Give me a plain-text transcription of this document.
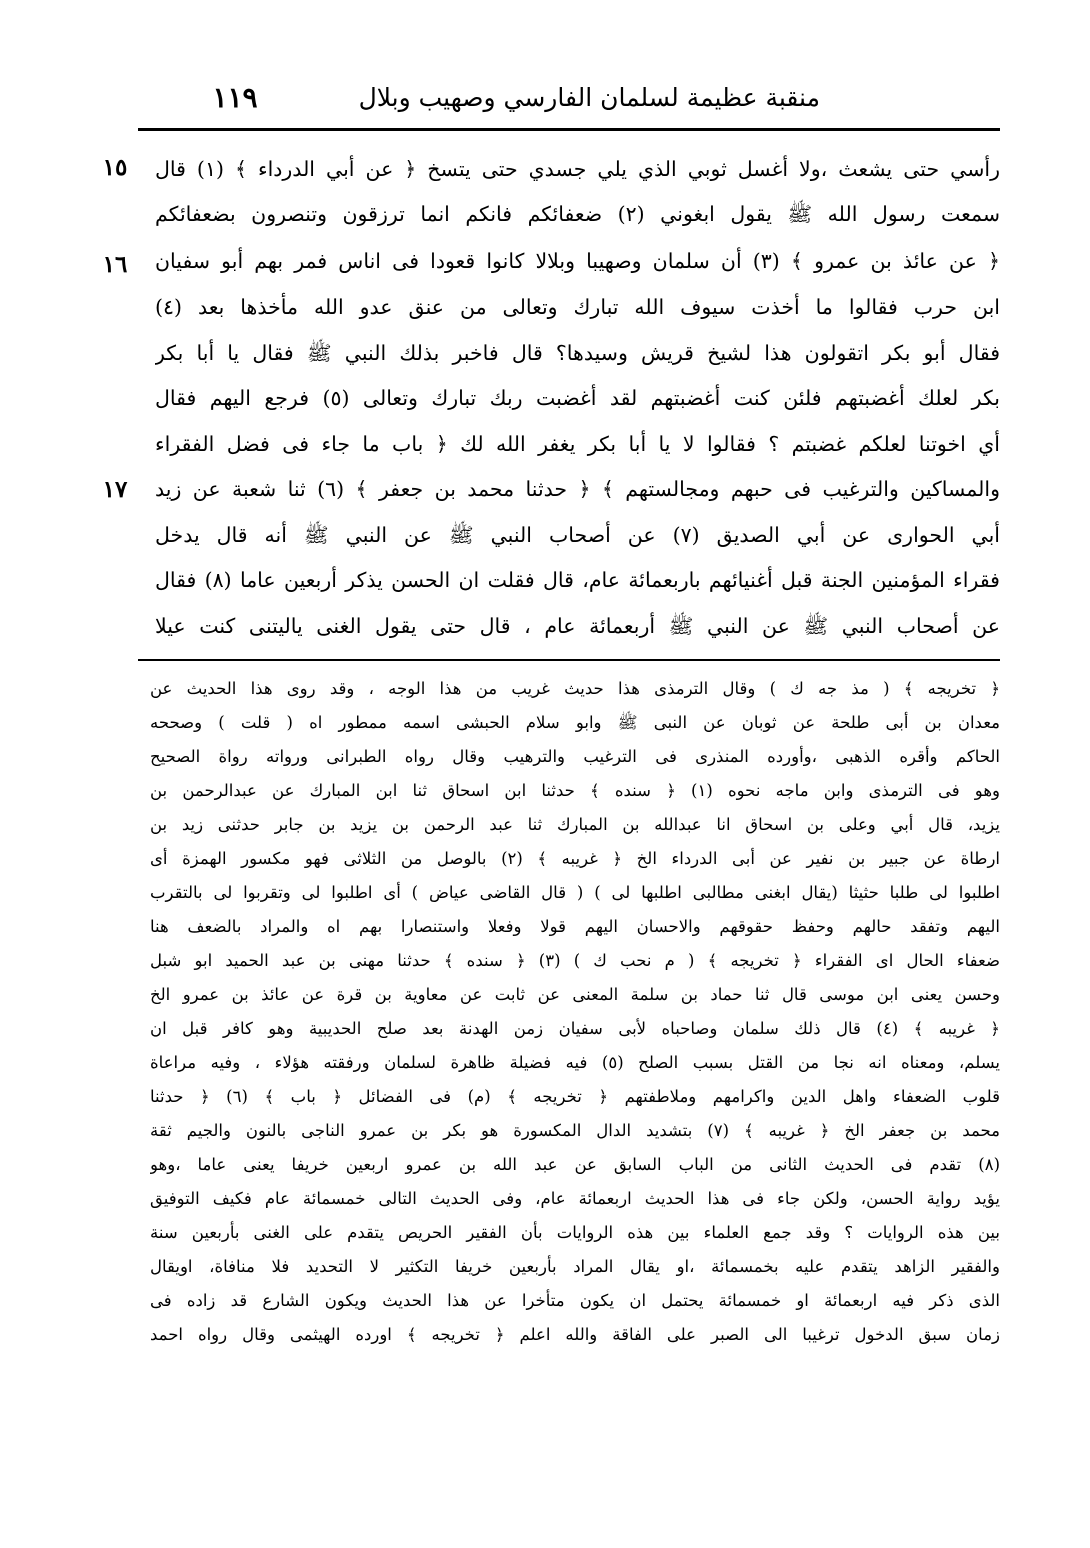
منقبة عظيمة لسلمان الفارسي وصهيب وبلال
١١٩
١٥
١٦
١٧
رأسي حتى يشعث ،ولا أغسل ثوبي الذي يلي جسدي حتى يتسخ ﴿ عن أبي الدرداء ﴾ (١) قال
سمعت رسول الله ﷺ يقول ابغوني (٢) ضعفائكم فانكم انما ترزقون وتنصرون بضعفائكم
﴿ عن عائذ بن عمرو ﴾ (٣) أن سلمان وصهيبا وبلالا كانوا قعودا فى اناس فمر بهم أبو سفيان
ابن حرب فقالوا ما أخذت سيوف الله تبارك وتعالى من عنق عدو الله مأخذها بعد (٤)
فقال أبو بكر اتقولون هذا لشيخ قريش وسيدها؟ قال فاخبر بذلك النبي ﷺ فقال يا أبا بكر
بكر لعلك أغضبتهم فلئن كنت أغضبتهم لقد أغضبت ربك تبارك وتعالى (٥) فرجع اليهم فقال
أي اخوتنا لعلكم غضبتم ؟ فقالوا لا يا أبا بكر يغفر الله لك ﴿ باب ما جاء فى فضل الفقراء
والمساكين والترغيب فى حبهم ومجالستهم ﴾ ﴿ حدثنا محمد بن جعفر ﴾ (٦) ثنا شعبة عن زيد
أبي الحوارى عن أبي الصديق (٧) عن أصحاب النبي ﷺ عن النبي ﷺ أنه قال يدخل
فقراء المؤمنين الجنة قبل أغنيائهم باربعمائة عام، قال فقلت ان الحسن يذكر أربعين عاما (٨) فقال
عن أصحاب النبي ﷺ عن النبي ﷺ أربعمائة عام ، قال حتى يقول الغنى ياليتنى كنت عيلا
﴿ تخريجه ﴾ ( مذ جه ك ) وقال الترمذى هذا حديث غريب من هذا الوجه ، وقد روى هذا الحديث عن
معدان بن أبى طلحة عن ثوبان عن النبى ﷺ وابو سلام الحبشى اسمه ممطور اه ( قلت ) وصححه
الحاكم وأقره الذهبى ،وأورده المنذرى فى الترغيب والترهيب وقال رواه الطبرانى ورواته رواة الصحيح
وهو فى الترمذى وابن ماجه نحوه (١) ﴿ سنده ﴾ حدثنا ابن اسحاق ثنا ابن المبارك عن عبدالرحمن بن
يزيد، قال أبي وعلى بن اسحاق انا عبدالله بن المبارك ثنا عبد الرحمن بن يزيد بن جابر حدثنى زيد بن
ارطاة عن جبير بن نفير عن أبى الدرداء الخ ﴿ غريبه ﴾ (٢) بالوصل من الثلاثى فهو مكسور الهمزة أى
اطلبوا لى طلبا حثيثا (يقال ابغنى مطالبى اطلبها لى ) ( قال القاضى عياض ) أى اطلبوا لى وتقربوا لى بالتقرب
اليهم وتفقد حالهم وحفظ حقوقهم والاحسان اليهم قولا وفعلا واستنصارا بهم اه والمراد بالضعف هنا
ضعفاء الحال اى الفقراء ﴿ تخريجه ﴾ ( م نحب ك ) (٣) ﴿ سنده ﴾ حدثنا مهنى بن عبد الحميد ابو شبل
وحسن يعنى ابن موسى قال ثنا حماد بن سلمة المعنى عن ثابت عن معاوية بن قرة عن عائذ بن عمرو الخ
﴿ غريبه ﴾ (٤) قال ذلك سلمان وصاحباه لأبى سفيان زمن الهدنة بعد صلح الحديبية وهو كافر قبل ان
يسلم، ومعناه انه نجا من القتل بسبب الصلح (٥) فيه فضيلة ظاهرة لسلمان ورفقته هؤلاء ، وفيه مراعاة
قلوب الضعفاء واهل الدين واكرامهم وملاطفتهم ﴿ تخريجه ﴾ (م) فى الفضائل ﴿ باب ﴾ (٦) ﴿ حدثنا
محمد بن جعفر الخ ﴿ غريبه ﴾ (٧) بتشديد الدال المكسورة هو بكر بن عمرو الناجى بالنون والجيم ثقة
(٨) تقدم فى الحديث الثانى من الباب السابق عن عبد الله بن عمرو اربعين خريفا يعنى عاما ،وهو
يؤيد رواية الحسن، ولكن جاء فى هذا الحديث اربعمائة عام، وفى الحديث التالى خمسمائة عام فكيف التوفيق
بين هذه الروايات ؟ وقد جمع العلماء بين هذه الروايات بأن الفقير الحريص يتقدم على الغنى بأربعين سنة
والفقير الزاهد يتقدم عليه بخمسمائة ،او يقال المراد بأربعين خريفا التكثير لا التحديد فلا منافاة، اويقال
الذى ذكر فيه اربعمائة او خمسمائة يحتمل ان يكون متأخرا عن هذا الحديث ويكون الشارع قد زاده فى
زمان سبق الدخول ترغيبا الى الصبر على الفاقة والله اعلم ﴿ تخريجه ﴾ اورده الهيثمى وقال رواه احمد
